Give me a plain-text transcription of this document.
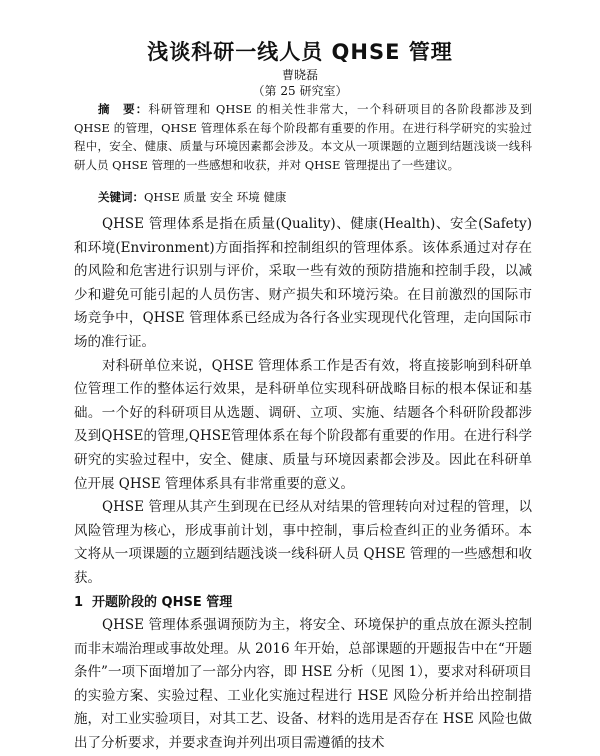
浅谈科研一线人员 QHSE 管理
曹晓磊
（第 25 研究室）

摘　要：科研管理和 QHSE 的相关性非常大，一个科研项目的各阶段都涉及到 QHSE 的管理，QHSE 管理体系在每个阶段都有重要的作用。在进行科学研究的实验过程中，安全、健康、质量与环境因素都会涉及。本文从一项课题的立题到结题浅谈一线科研人员 QHSE 管理的一些感想和收获，并对 QHSE 管理提出了一些建议。

关键词：QHSE 质量 安全 环境 健康

QHSE 管理体系是指在质量(Quality)、健康(Health)、安全(Safety)和环境(Environment)方面指挥和控制组织的管理体系。该体系通过对存在的风险和危害进行识别与评价，采取一些有效的预防措施和控制手段，以减少和避免可能引起的人员伤害、财产损失和环境污染。在目前激烈的国际市场竞争中，QHSE 管理体系已经成为各行各业实现现代化管理，走向国际市场的准行证。

对科研单位来说，QHSE 管理体系工作是否有效，将直接影响到科研单位管理工作的整体运行效果，是科研单位实现科研战略目标的根本保证和基础。一个好的科研项目从选题、调研、立项、实施、结题各个科研阶段都涉及到QHSE的管理,QHSE管理体系在每个阶段都有重要的作用。在进行科学研究的实验过程中，安全、健康、质量与环境因素都会涉及。因此在科研单位开展 QHSE 管理体系具有非常重要的意义。

QHSE 管理从其产生到现在已经从对结果的管理转向对过程的管理，以风险管理为核心，形成事前计划，事中控制，事后检查纠正的业务循环。本文将从一项课题的立题到结题浅谈一线科研人员 QHSE 管理的一些感想和收获。

1 开题阶段的 QHSE 管理

QHSE 管理体系强调预防为主，将安全、环境保护的重点放在源头控制而非末端治理或事故处理。从 2016 年开始，总部课题的开题报告中在“开题条件”一项下面增加了一部分内容，即 HSE 分析（见图 1），要求对科研项目的实验方案、实验过程、工业化实施过程进行 HSE 风险分析并给出控制措施，对工业实验项目，对其工艺、设备、材料的选用是否存在 HSE 风险也做出了分析要求，并要求查询并列出项目需遵循的技术
